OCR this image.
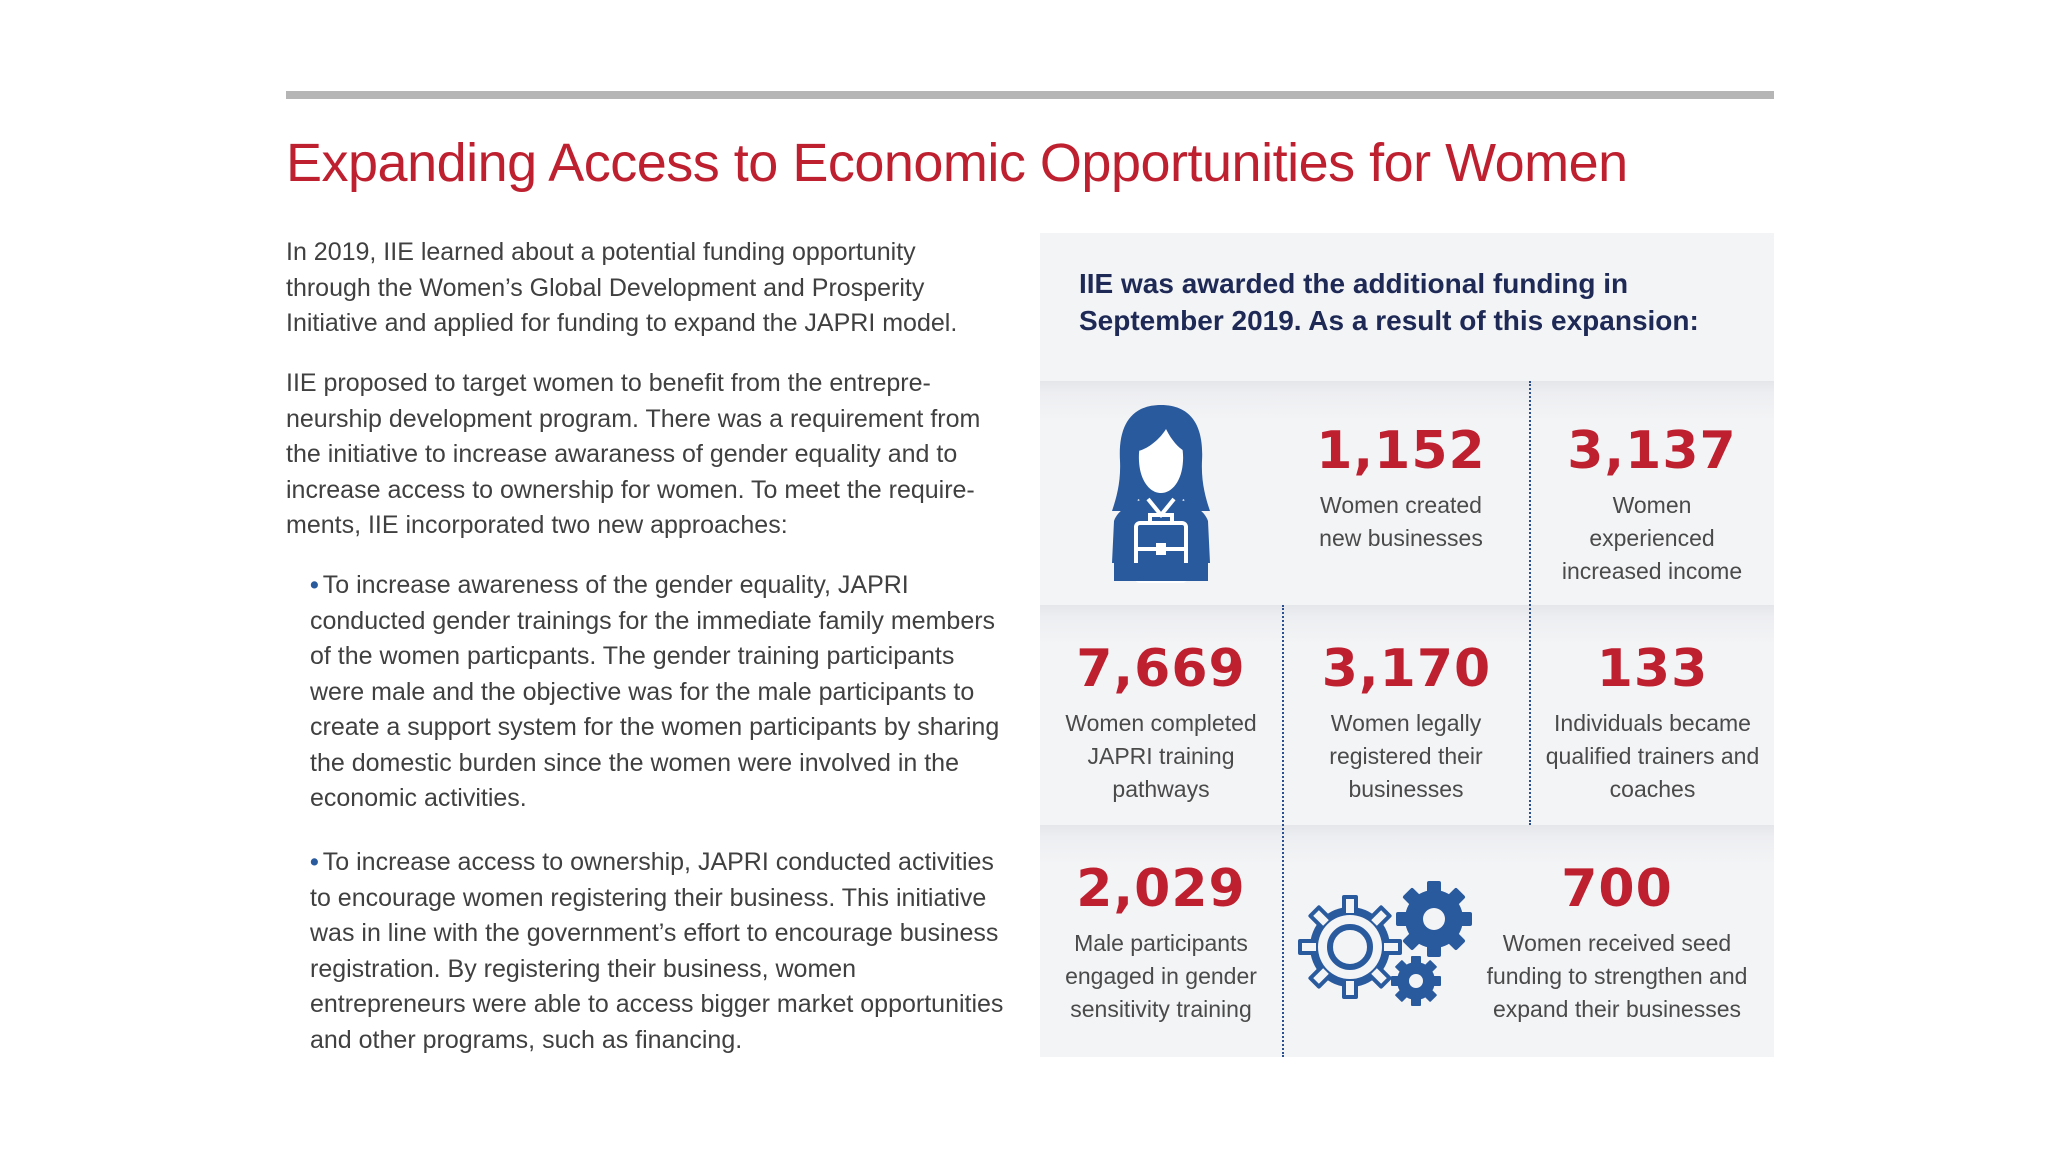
Expanding Access to Economic Opportunities for Women

In 2019, IIE learned about a potential funding opportunity through the Women’s Global Development and Prosperity Initiative and applied for funding to expand the JAPRI model.

IIE proposed to target women to benefit from the entrepre-neurship development program. There was a requirement from the initiative to increase awaraness of gender equality and to increase access to ownership for women. To meet the require-ments, IIE incorporated two new approaches:

• To increase awareness of the gender equality, JAPRI conducted gender trainings for the immediate family members of the women particpants. The gender training participants were male and the objective was for the male participants to create a support system for the women participants by sharing the domestic burden since the women were involved in the economic activities.
• To increase access to ownership, JAPRI conducted activities to encourage women registering their business. This initiative was in line with the government’s effort to encourage business registration. By registering their business, women entrepreneurs were able to access bigger market opportunities and other programs, such as financing.
IIE was awarded the additional funding in September 2019. As a result of this expansion:
1,152
Women created new businesses
3,137
Women experienced increased income
7,669
Women completed JAPRI training pathways
3,170
Women legally registered their businesses
133
Individuals became qualified trainers and coaches
2,029
Male participants engaged in gender sensitivity training
700
Women received seed funding to strengthen and expand their businesses
